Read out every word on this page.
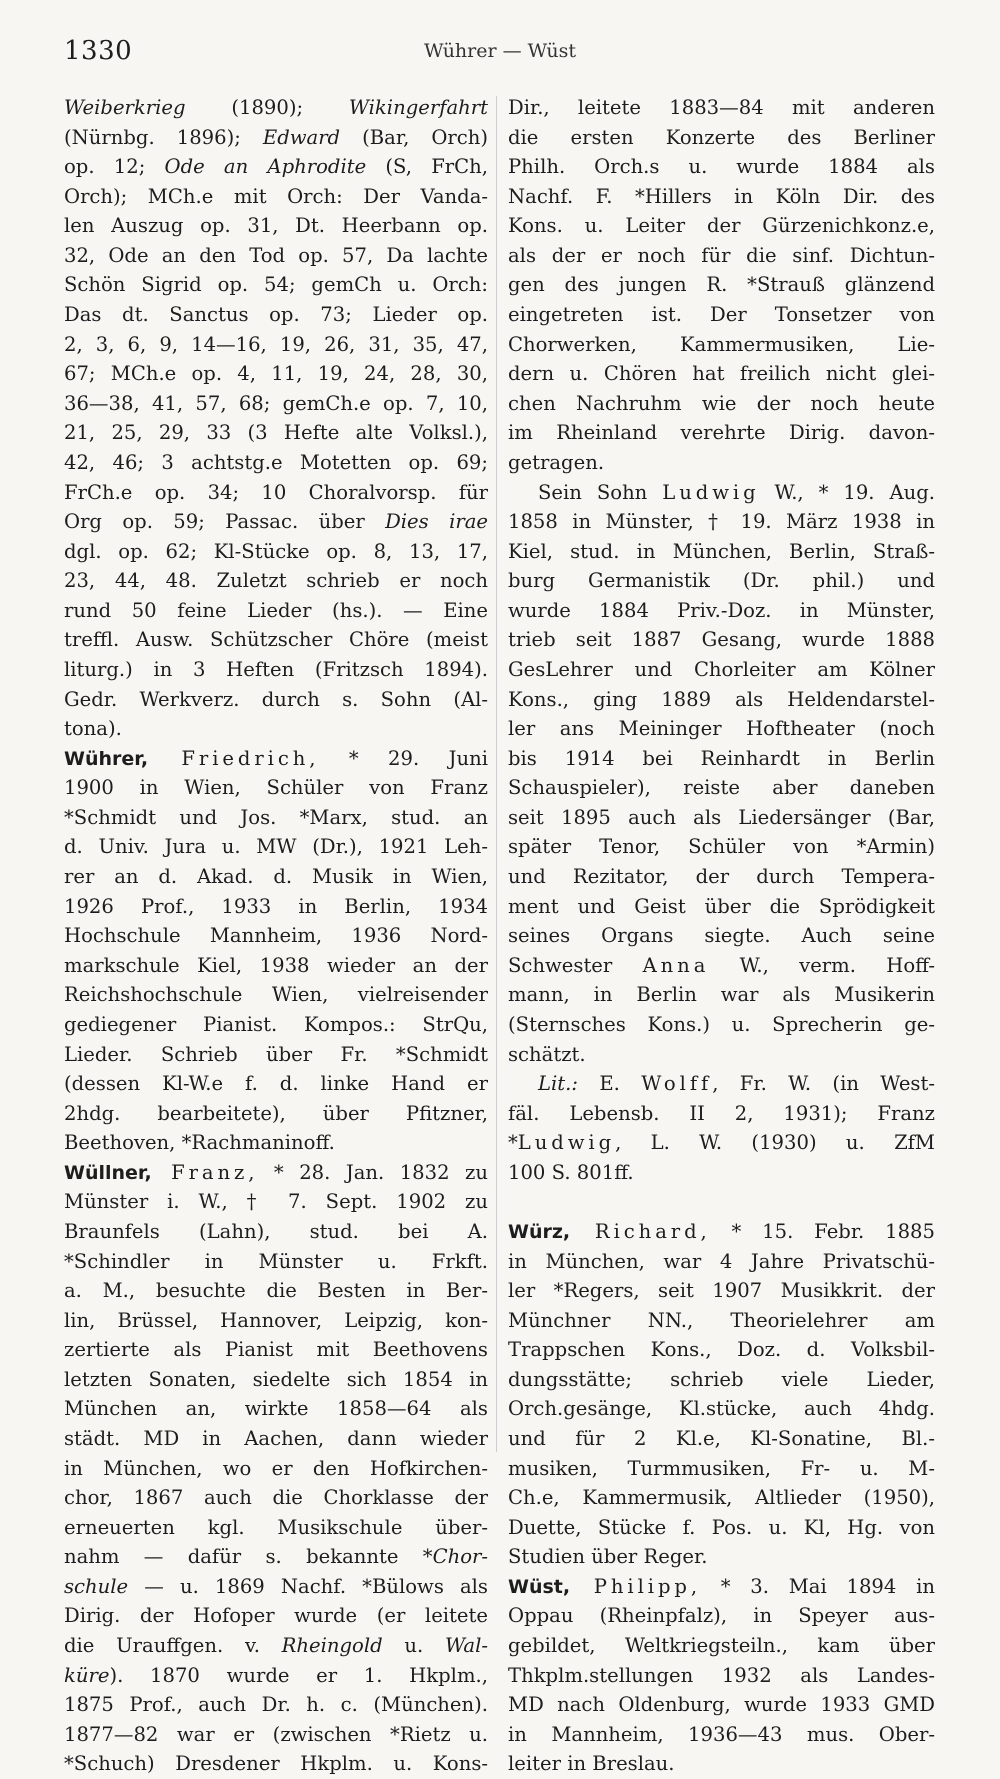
1330	Wührer — Wüst
Weiberkrieg (1890); Wikingerfahrt
(Nürnbg. 1896); Edward (Bar, Orch)
op. 12; Ode an Aphrodite (S, FrCh,
Orch); MCh.e mit Orch: Der Vanda-
len Auszug op. 31, Dt. Heerbann op.
32, Ode an den Tod op. 57, Da lachte
Schön Sigrid op. 54; gemCh u. Orch:
Das dt. Sanctus op. 73; Lieder op.
2, 3, 6, 9, 14—16, 19, 26, 31, 35, 47,
67; MCh.e op. 4, 11, 19, 24, 28, 30,
36—38, 41, 57, 68; gemCh.e op. 7, 10,
21, 25, 29, 33 (3 Hefte alte Volksl.),
42, 46; 3 achtstg.e Motetten op. 69;
FrCh.e op. 34; 10 Choralvorsp. für
Org op. 59; Passac. über Dies irae
dgl. op. 62; Kl-Stücke op. 8, 13, 17,
23, 44, 48. Zuletzt schrieb er noch
rund 50 feine Lieder (hs.). — Eine
treffl. Ausw. Schützscher Chöre (meist
liturg.) in 3 Heften (Fritzsch 1894).
Gedr. Werkverz. durch s. Sohn (Al-
tona).
Wührer, Friedrich, * 29. Juni
1900 in Wien, Schüler von Franz
*Schmidt und Jos. *Marx, stud. an
d. Univ. Jura u. MW (Dr.), 1921 Leh-
rer an d. Akad. d. Musik in Wien,
1926 Prof., 1933 in Berlin, 1934
Hochschule Mannheim, 1936 Nord-
markschule Kiel, 1938 wieder an der
Reichshochschule Wien, vielreisender
gediegener Pianist. Kompos.: StrQu,
Lieder. Schrieb über Fr. *Schmidt
(dessen Kl-W.e f. d. linke Hand er
2hdg. bearbeitete), über Pfitzner,
Beethoven, *Rachmaninoff.
Wüllner, Franz, * 28. Jan. 1832 zu
Münster i. W., † 7. Sept. 1902 zu
Braunfels (Lahn), stud. bei A.
*Schindler in Münster u. Frkft.
a. M., besuchte die Besten in Ber-
lin, Brüssel, Hannover, Leipzig, kon-
zertierte als Pianist mit Beethovens
letzten Sonaten, siedelte sich 1854 in
München an, wirkte 1858—64 als
städt. MD in Aachen, dann wieder
in München, wo er den Hofkirchen-
chor, 1867 auch die Chorklasse der
erneuerten kgl. Musikschule über-
nahm — dafür s. bekannte *Chor-
schule — u. 1869 Nachf. *Bülows als
Dirig. der Hofoper wurde (er leitete
die Urauffgen. v. Rheingold u. Wal-
küre). 1870 wurde er 1. Hkplm.,
1875 Prof., auch Dr. h. c. (München).
1877—82 war er (zwischen *Rietz u.
*Schuch) Dresdener Hkplm. u. Kons-
Dir., leitete 1883—84 mit anderen
die ersten Konzerte des Berliner
Philh. Orch.s u. wurde 1884 als
Nachf. F. *Hillers in Köln Dir. des
Kons. u. Leiter der Gürzenichkonz.e,
als der er noch für die sinf. Dichtun-
gen des jungen R. *Strauß glänzend
eingetreten ist. Der Tonsetzer von
Chorwerken, Kammermusiken, Lie-
dern u. Chören hat freilich nicht glei-
chen Nachruhm wie der noch heute
im Rheinland verehrte Dirig. davon-
getragen.
Sein Sohn Ludwig W., * 19. Aug.
1858 in Münster, † 19. März 1938 in
Kiel, stud. in München, Berlin, Straß-
burg Germanistik (Dr. phil.) und
wurde 1884 Priv.-Doz. in Münster,
trieb seit 1887 Gesang, wurde 1888
GesLehrer und Chorleiter am Kölner
Kons., ging 1889 als Heldendarstel-
ler ans Meininger Hoftheater (noch
bis 1914 bei Reinhardt in Berlin
Schauspieler), reiste aber daneben
seit 1895 auch als Liedersänger (Bar,
später Tenor, Schüler von *Armin)
und Rezitator, der durch Tempera-
ment und Geist über die Sprödigkeit
seines Organs siegte. Auch seine
Schwester Anna W., verm. Hoff-
mann, in Berlin war als Musikerin
(Sternsches Kons.) u. Sprecherin ge-
schätzt.
Lit.: E. Wolff, Fr. W. (in West-
fäl. Lebensb. II 2, 1931); Franz
*Ludwig, L. W. (1930) u. ZfM
100 S. 801ff.
Würz, Richard, * 15. Febr. 1885
in München, war 4 Jahre Privatschü-
ler *Regers, seit 1907 Musikkrit. der
Münchner NN., Theorielehrer am
Trappschen Kons., Doz. d. Volksbil-
dungsstätte; schrieb viele Lieder,
Orch.gesänge, Kl.stücke, auch 4hdg.
und für 2 Kl.e, Kl-Sonatine, Bl.-
musiken, Turmmusiken, Fr- u. M-
Ch.e, Kammermusik, Altlieder (1950),
Duette, Stücke f. Pos. u. Kl, Hg. von
Studien über Reger.
Wüst, Philipp, * 3. Mai 1894 in
Oppau (Rheinpfalz), in Speyer aus-
gebildet, Weltkriegsteiln., kam über
Thkplm.stellungen 1932 als Landes-
MD nach Oldenburg, wurde 1933 GMD
in Mannheim, 1936—43 mus. Ober-
leiter in Breslau.
